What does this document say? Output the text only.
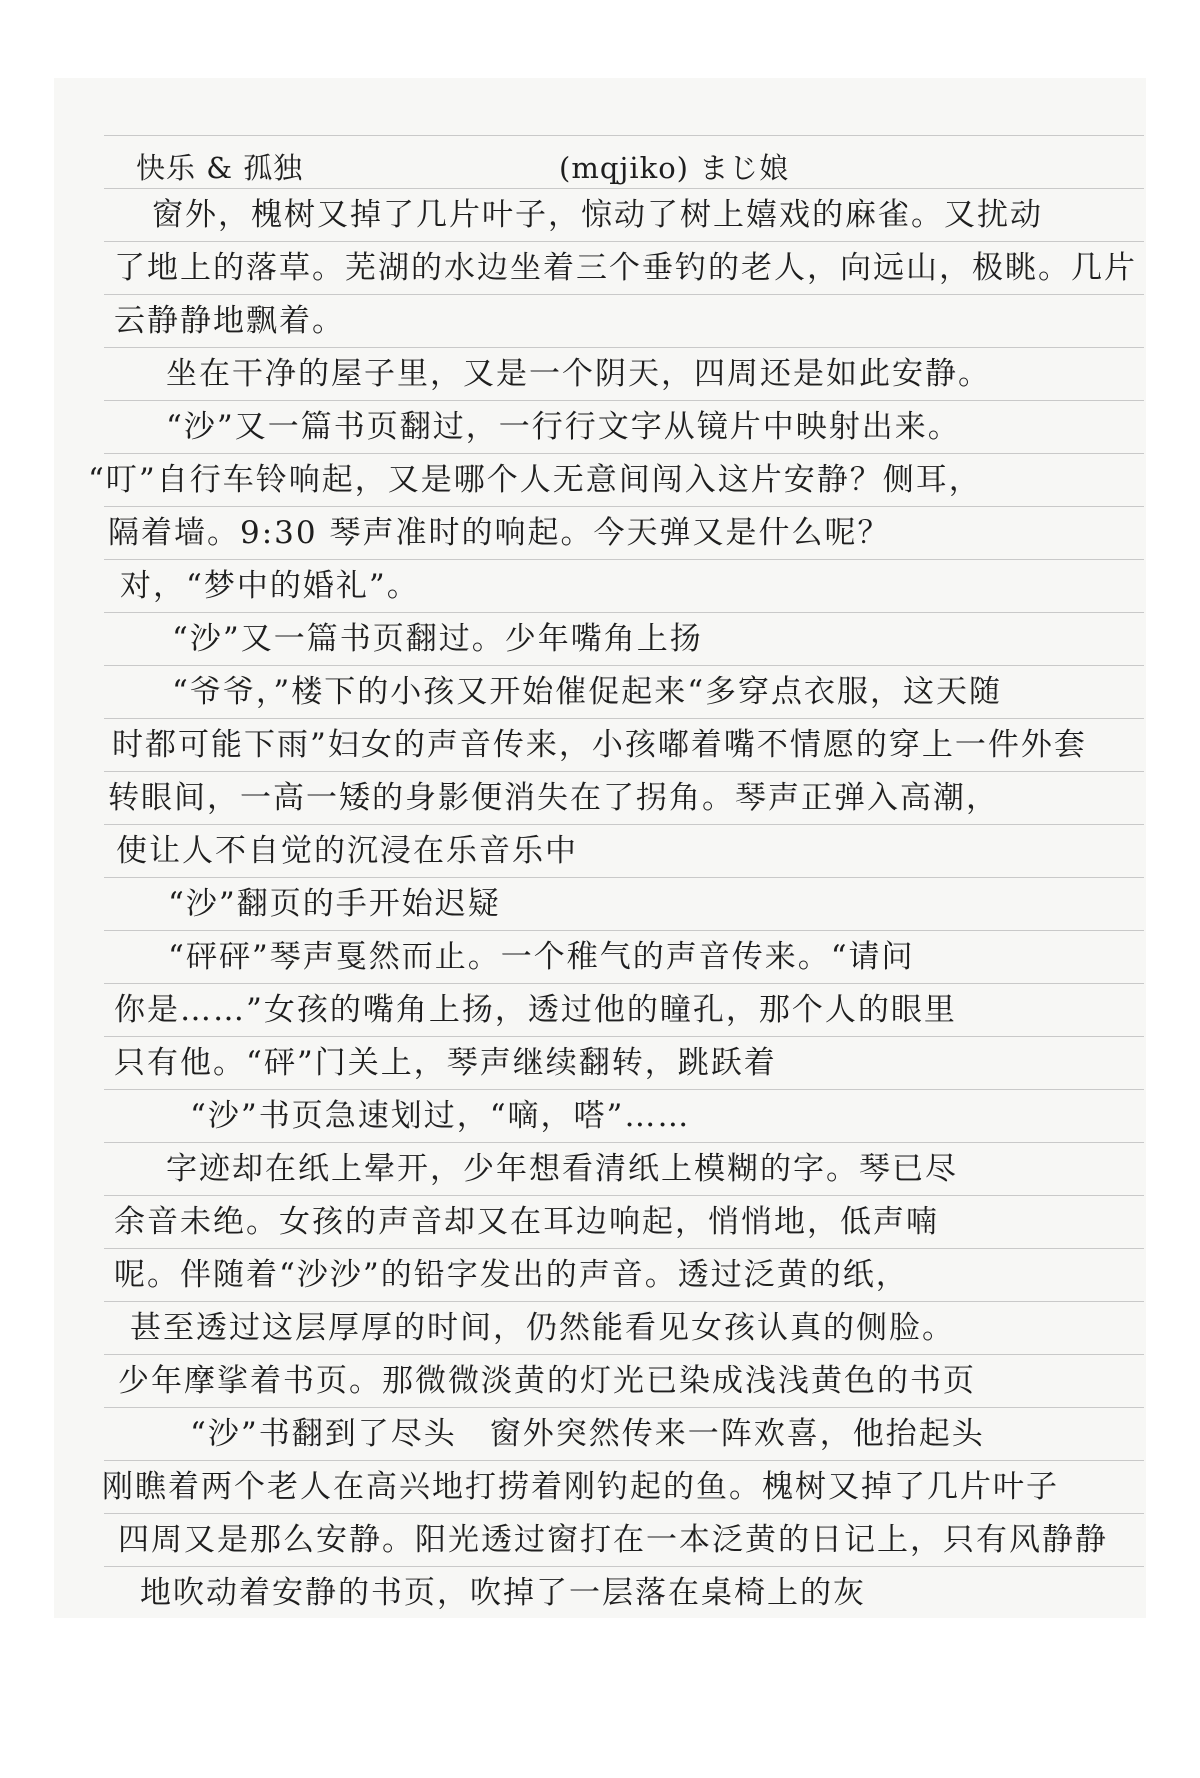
快乐 & 孤独	(mqjiko) まじ娘
窗外，槐树又掉了几片叶子，惊动了树上嬉戏的麻雀。又扰动
了地上的落草。芜湖的水边坐着三个垂钓的老人，向远山，极眺。几片
云静静地飘着。
坐在干净的屋子里，又是一个阴天，四周还是如此安静。
“沙”又一篇书页翻过，一行行文字从镜片中映射出来。
“叮”自行车铃响起，又是哪个人无意间闯入这片安静？侧耳，
隔着墙。9:30 琴声准时的响起。今天弹又是什么呢？
对，“梦中的婚礼”。
“沙”又一篇书页翻过。少年嘴角上扬
“爷爷，”楼下的小孩又开始催促起来“多穿点衣服，这天随
时都可能下雨”妇女的声音传来，小孩嘟着嘴不情愿的穿上一件外套
转眼间，一高一矮的身影便消失在了拐角。琴声正弹入高潮，
使让人不自觉的沉浸在乐音乐中
“沙”翻页的手开始迟疑
“砰砰”琴声戛然而止。一个稚气的声音传来。“请问
你是……”女孩的嘴角上扬，透过他的瞳孔，那个人的眼里
只有他。“砰”门关上，琴声继续翻转，跳跃着
“沙”书页急速划过，“嘀，嗒”……
字迹却在纸上晕开，少年想看清纸上模糊的字。琴已尽
余音未绝。女孩的声音却又在耳边响起，悄悄地，低声喃
呢。伴随着“沙沙”的铅字发出的声音。透过泛黄的纸，
甚至透过这层厚厚的时间，仍然能看见女孩认真的侧脸。
少年摩挲着书页。那微微淡黄的灯光已染成浅浅黄色的书页
“沙”书翻到了尽头　窗外突然传来一阵欢喜，他抬起头
刚瞧着两个老人在高兴地打捞着刚钓起的鱼。槐树又掉了几片叶子
四周又是那么安静。阳光透过窗打在一本泛黄的日记上，只有风静静
地吹动着安静的书页，吹掉了一层落在桌椅上的灰
